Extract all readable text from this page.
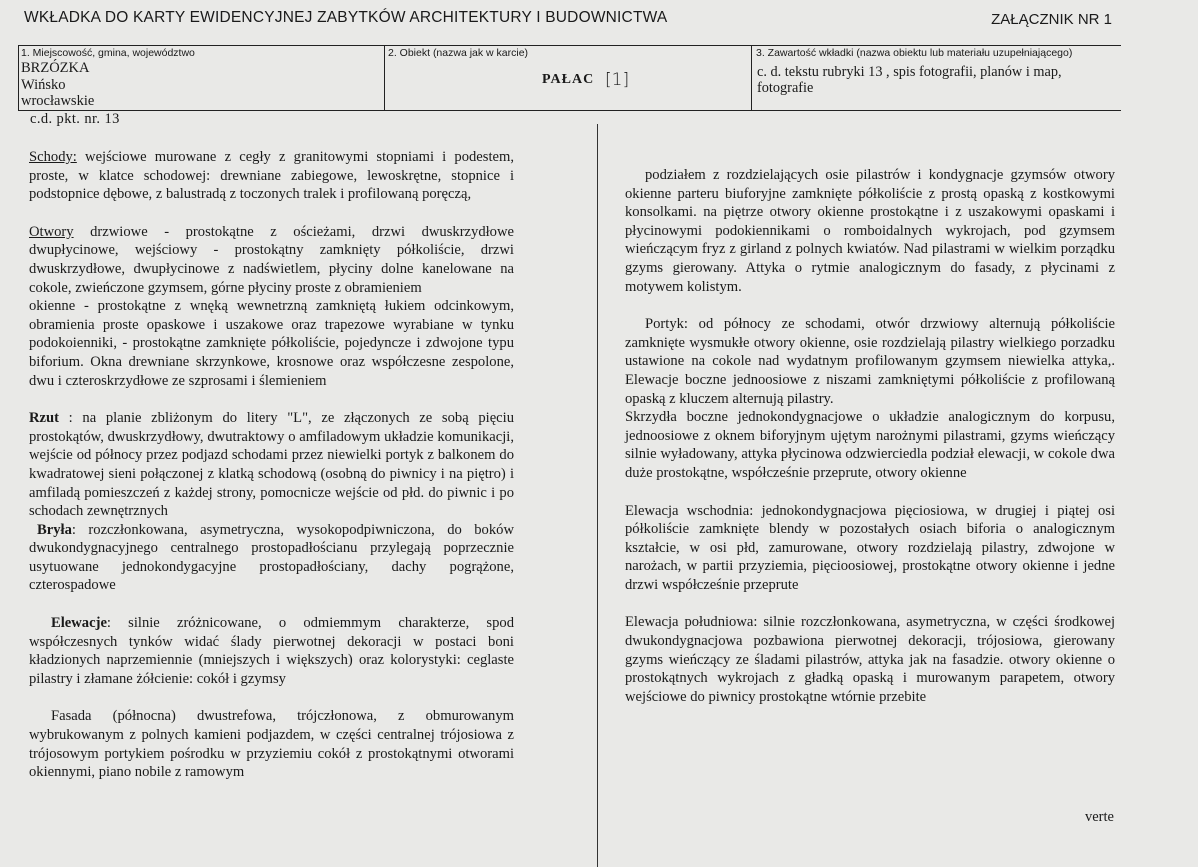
WKŁADKA DO KARTY EWIDENCYJNEJ ZABYTKÓW ARCHITEKTURY I BUDOWNICTWA	ZAŁĄCZNIK NR 1
1. Miejscowość, gmina, województwo
BRZÓZKA
Wińsko
wrocławskie
2. Obiekt (nazwa jak w karcie)
PAŁAC [1]
3. Zawartość wkładki (nazwa obiektu lub materiału uzupełniającego)
c. d. tekstu rubryki 13 , spis fotografii, planów i map,
fotografie
c.d. pkt. nr. 13

Schody: wejściowe murowane z cegły z granitowymi stopniami i podestem, proste, w klatce schodowej: drewniane zabiegowe, lewoskrętne, stopnice i podstopnice dębowe, z balustradą z toczonych tralek i profilowaną poręczą,

Otwory drzwiowe - prostokątne z ościeżami, drzwi dwuskrzydłowe dwupłycinowe, wejściowy - prostokątny zamknięty półkoliście, drzwi dwuskrzydłowe, dwupłycinowe z nadświetlem, płyciny dolne kanelowane na cokole, zwieńczone gzymsem, górne płyciny proste z obramieniem

okienne - prostokątne z wnęką wewnetrzną zamkniętą łukiem odcinkowym, obramienia proste opaskowe i uszakowe oraz trapezowe wyrabiane w tynku podokoienniki, - prostokątne zamknięte półkoliście, pojedyncze i zdwojone typu biforium. Okna drewniane skrzynkowe, krosnowe oraz współczesne zespolone, dwu i czteroskrzydłowe ze szprosami i ślemieniem

Rzut : na planie zbliżonym do litery "L", ze złączonych ze sobą pięciu prostokątów, dwuskrzydłowy, dwutraktowy o amfiladowym układzie komunikacji, wejście od północy przez podjazd schodami przez niewielki portyk z balkonem do kwadratowej sieni połączonej z klatką schodową (osobną do piwnicy i na piętro) i amfiladą pomieszczeń z każdej strony, pomocnicze wejście od płd. do piwnic i po schodach zewnętrznych

Bryła: rozczłonkowana, asymetryczna, wysokopodpiwniczona, do boków dwukondygnacyjnego centralnego prostopadłościanu przylegają poprzecznie usytuowane jednokondygacyjne prostopadłościany, dachy pogrążone, czterospadowe

Elewacje: silnie zróżnicowane, o odmiemmym charakterze, spod współczesnych tynków widać ślady pierwotnej dekoracji w postaci boni kładzionych naprzemiennie (mniejszych i większych) oraz kolorystyki: ceglaste pilastry i złamane żółcienie: cokół i gzymsy

Fasada (północna) dwustrefowa, trójczłonowa, z obmurowanym wybrukowanym z polnych kamieni podjazdem, w części centralnej trójosiowa z trójosowym portykiem pośrodku w przyziemiu cokół z prostokątnymi otworami okiennymi, piano nobile z ramowym

podziałem z rozdzielających osie pilastrów i kondygnacje gzymsów otwory okienne parteru biuforyjne zamknięte półkoliście z prostą opaską z kostkowymi konsolkami. na piętrze otwory okienne prostokątne i z uszakowymi opaskami i płycinowymi podokiennikami o romboidalnych wykrojach, pod gzymsem wieńczącym fryz z girland z polnych kwiatów. Nad pilastrami w wielkim porządku gzyms gierowany. Attyka o rytmie analogicznym do fasady, z płycinami z motywem kolistym.

Portyk: od północy ze schodami, otwór drzwiowy alternują półkoliście zamknięte wysmukłe otwory okienne, osie rozdzielają pilastry wielkiego porzadku ustawione na cokole nad wydatnym profilowanym gzymsem niewielka attyka,. Elewacje boczne jednoosiowe z niszami zamkniętymi półkoliście z profilowaną opaską z kluczem alternują pilastry.

Skrzydła boczne jednokondygnacjowe o układzie analogicznym do korpusu, jednoosiowe z oknem biforyjnym ujętym narożnymi pilastrami, gzyms wieńczący silnie wyładowany, attyka płycinowa odzwierciedla podział elewacji, w cokole dwa duże prostokątne, współcześnie przeprute, otwory okienne

Elewacja wschodnia: jednokondygnacjowa pięciosiowa, w drugiej i piątej osi półkoliście zamknięte blendy w pozostałych osiach biforia o analogicznym kształcie, w osi płd, zamurowane, otwory rozdzielają pilastry, zdwojone w narożach, w partii przyziemia, pięcioosiowej, prostokątne otwory okienne i jedne drzwi współcześnie przeprute

Elewacja południowa: silnie rozczłonkowana, asymetryczna, w części środkowej dwukondygnacjowa pozbawiona pierwotnej dekoracji, trójosiowa, gierowany gzyms wieńczący ze śladami pilastrów, attyka jak na fasadzie. otwory okienne o prostokątnych wykrojach z gładką opaską i murowanym parapetem, otwory wejściowe do piwnicy prostokątne wtórnie przebite

verte
